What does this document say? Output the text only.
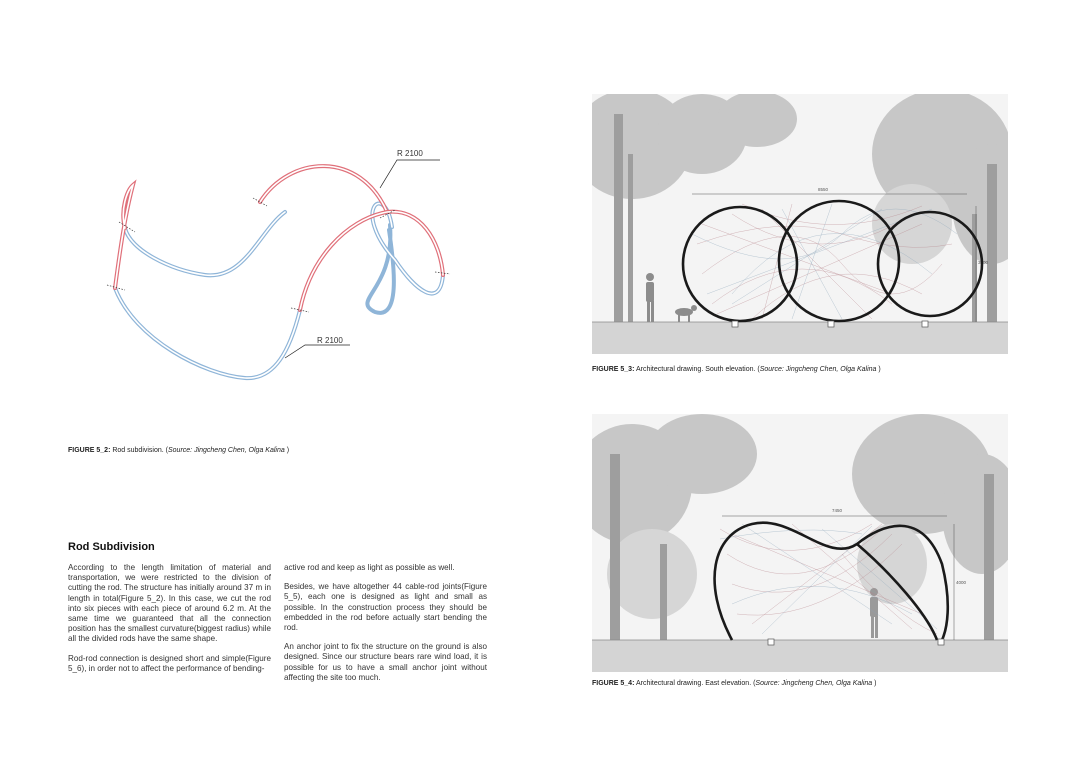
R 2100
R 2100
FIGURE 5_2: Rod subdivision. (Source: Jingcheng Chen, Olga Kalina )
Rod Subdivision

According to the length limitation of material and transportation, we were restricted to the division of cutting the rod. The structure has initially around 37 m in length in total(Figure 5_2). In this case, we cut the rod into six pieces with each piece of around 6.2 m. At the same time we guaranteed that all the connection position has the smallest curvature(biggest radius) while all the divided rods have the same shape.

Rod-rod connection is designed short and simple(Figure 5_6), in order not to affect the performance of bending-

active rod and keep as light as possible as well.

Besides, we have altogether 44 cable-rod joints(Figure 5_5), each one is designed as light and small as possible. In the construction process they should be embedded in the rod before actually start bending the rod.

An anchor joint to fix the structure on the ground is also designed. Since our structure bears rare wind load, it is possible for us to have a small anchor joint without affecting the site too much.

8550
3500
FIGURE 5_3: Architectural drawing. South elevation. (Source: Jingcheng Chen, Olga Kalina )
7450
4000
FIGURE 5_4: Architectural drawing. East elevation. (Source: Jingcheng Chen, Olga Kalina )
